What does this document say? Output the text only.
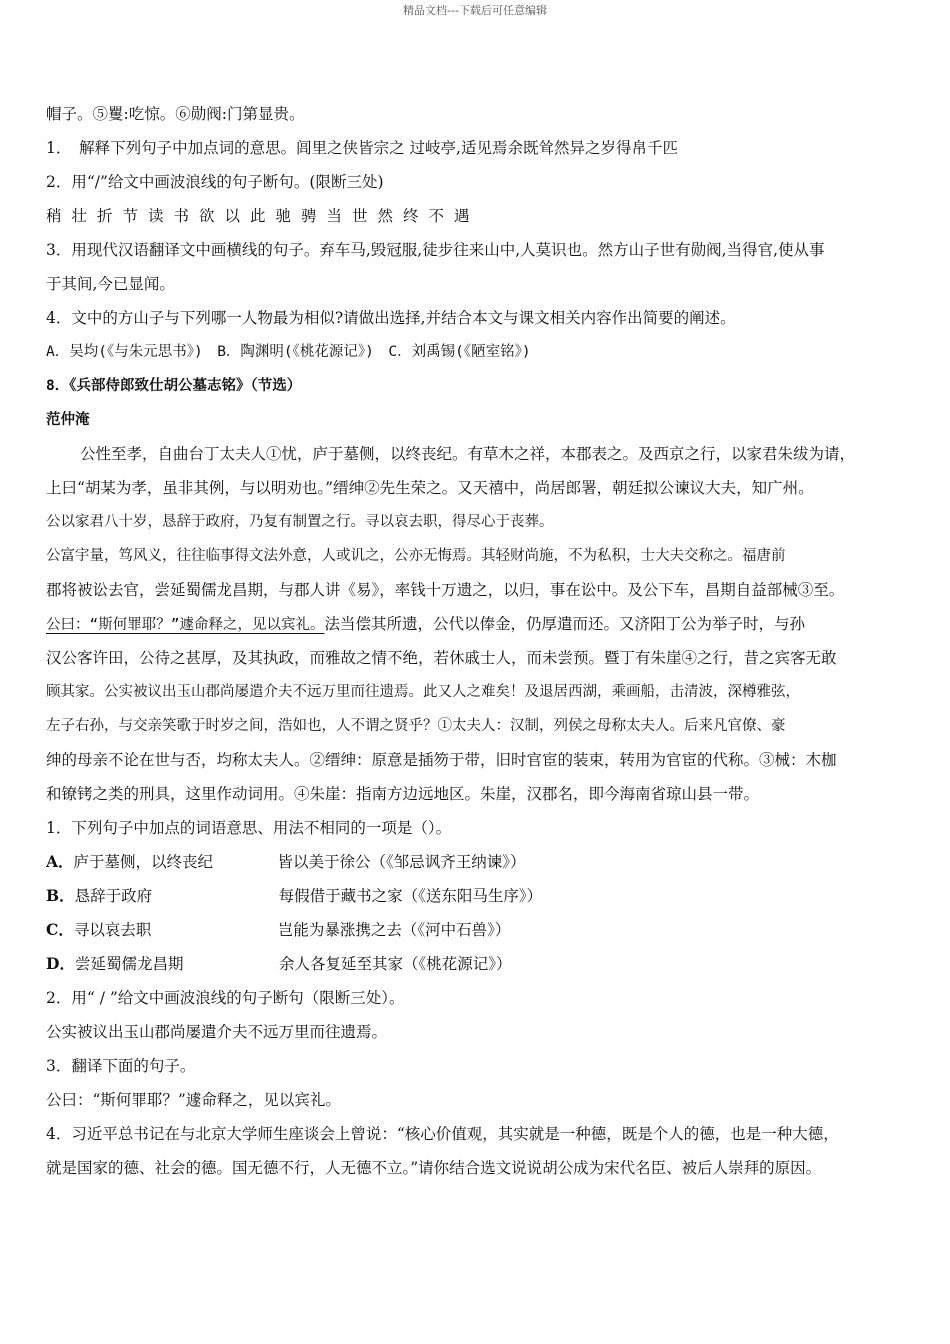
精品文档---下载后可任意编辑
帽子。⑤矍:吃惊。⑥勋阀:门第显贵。
1．　解释下列句子中加点词的意思。闾里之侠皆宗之 过岐亭,适见焉余既耸然异之岁得帛千匹
2．用“/”给文中画波浪线的句子断句。(限断三处)
稍壮折节读书欲以此驰骋当世然终不遇
3．用现代汉语翻译文中画横线的句子。弃车马,毁冠服,徒步往来山中,人莫识也。然方山子世有勋阀,当得官,使从事
于其间,今已显闻。
4．文中的方山子与下列哪一人物最为相似?请做出选择,并结合本文与课文相关内容作出简要的阐述。
A．吴均(《与朱元思书》)　B．陶渊明(《桃花源记》)　C．刘禹锡(《陋室铭》)
8．《兵部侍郎致仕胡公墓志铭》（节选）
范仲淹
公性至孝，自曲台丁太夫人①忧，庐于墓侧，以终丧纪。有草木之祥，本郡表之。及西京之行，以家君朱绂为请，
上曰“胡某为孝，虽非其例，与以明劝也。”缙绅②先生荣之。又天禧中，尚居郎署，朝廷拟公谏议大夫，知广州。
公以家君八十岁，恳辞于政府，乃复有制置之行。寻以哀去职，得尽心于丧葬。
公富宇量，笃风义，往往临事得文法外意，人或讥之，公亦无悔焉。其轻财尚施，不为私积，士大夫交称之。福唐前
郡将被讼去官，尝延蜀儒龙昌期，与郡人讲《易》，率钱十万遗之，以归，事在讼中。及公下车，昌期自益部械③至。
公曰：“斯何罪耶？”遽命释之，见以宾礼。法当偿其所遗，公代以俸金，仍厚遣而还。又济阳丁公为举子时，与孙
汉公客许田，公待之甚厚，及其执政，而雅故之情不绝，若休戚士人，而未尝预。暨丁有朱崖④之行，昔之宾客无敢
顾其家。公实被议出玉山郡尚屡遣介夫不远万里而往遗焉。此又人之难矣！及退居西湖，乘画船，击清波，深樽雅弦，
左子右孙，与交亲笑歌于时岁之间，浩如也，人不谓之贤乎？①太夫人：汉制，列侯之母称太夫人。后来凡官僚、豪
绅的母亲不论在世与否，均称太夫人。②缙绅：原意是插笏于带，旧时官宦的装束，转用为官宦的代称。③械：木枷
和镣铐之类的刑具，这里作动词用。④朱崖：指南方边远地区。朱崖，汉郡名，即今海南省琼山县一带。
1．下列句子中加点的词语意思、用法不相同的一项是（）。
A．庐于墓侧，以终丧纪	皆以美于徐公（《邹忌讽齐王纳谏》）
B．恳辞于政府	每假借于藏书之家（《送东阳马生序》）
C．寻以哀去职	岂能为暴涨携之去（《河中石兽》）
D．尝延蜀儒龙昌期	余人各复延至其家（《桃花源记》）
2．用“ / ”给文中画波浪线的句子断句（限断三处）。
公实被议出玉山郡尚屡遣介夫不远万里而往遗焉。
3．翻译下面的句子。
公曰：“斯何罪耶？”遽命释之，见以宾礼。
4．习近平总书记在与北京大学师生座谈会上曾说：“核心价值观，其实就是一种德，既是个人的德，也是一种大德，
就是国家的德、社会的德。国无德不行，人无德不立。”请你结合选文说说胡公成为宋代名臣、被后人崇拜的原因。
